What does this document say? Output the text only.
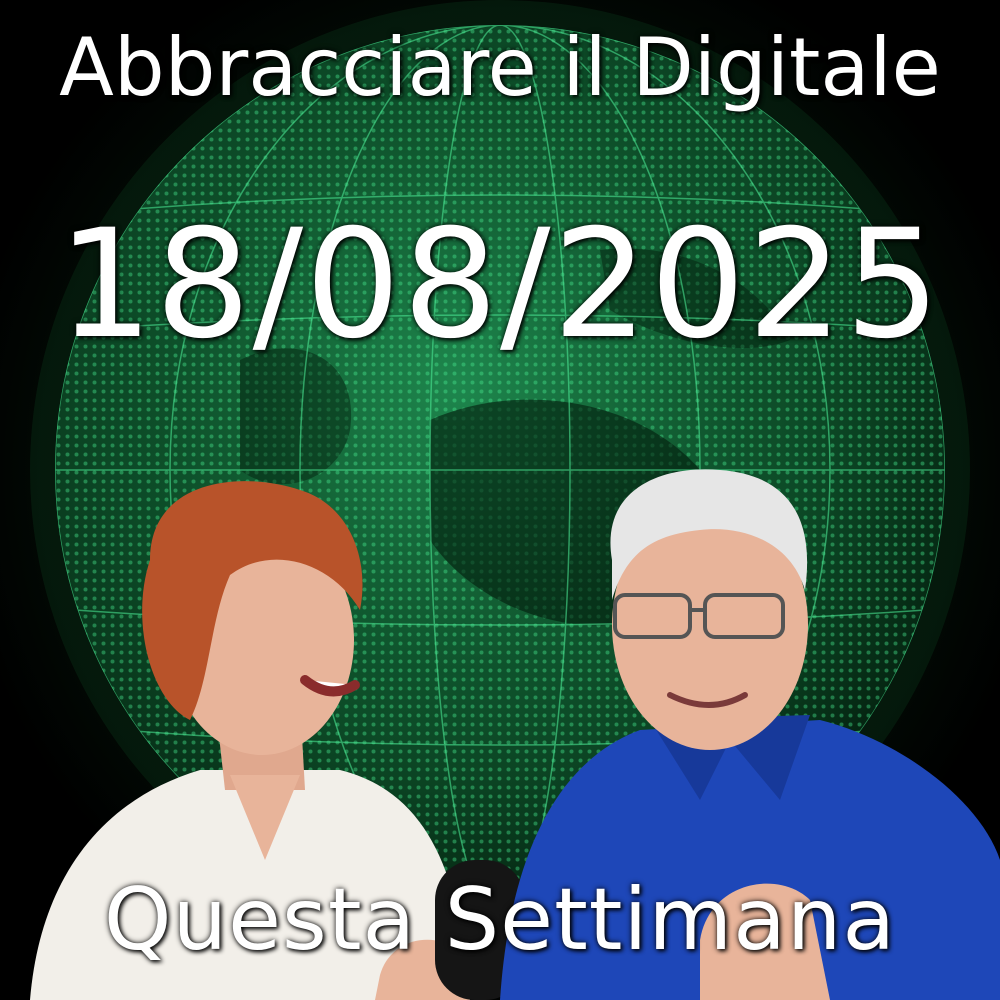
Abbracciare il Digitale
18/08/2025
Questa Settimana
